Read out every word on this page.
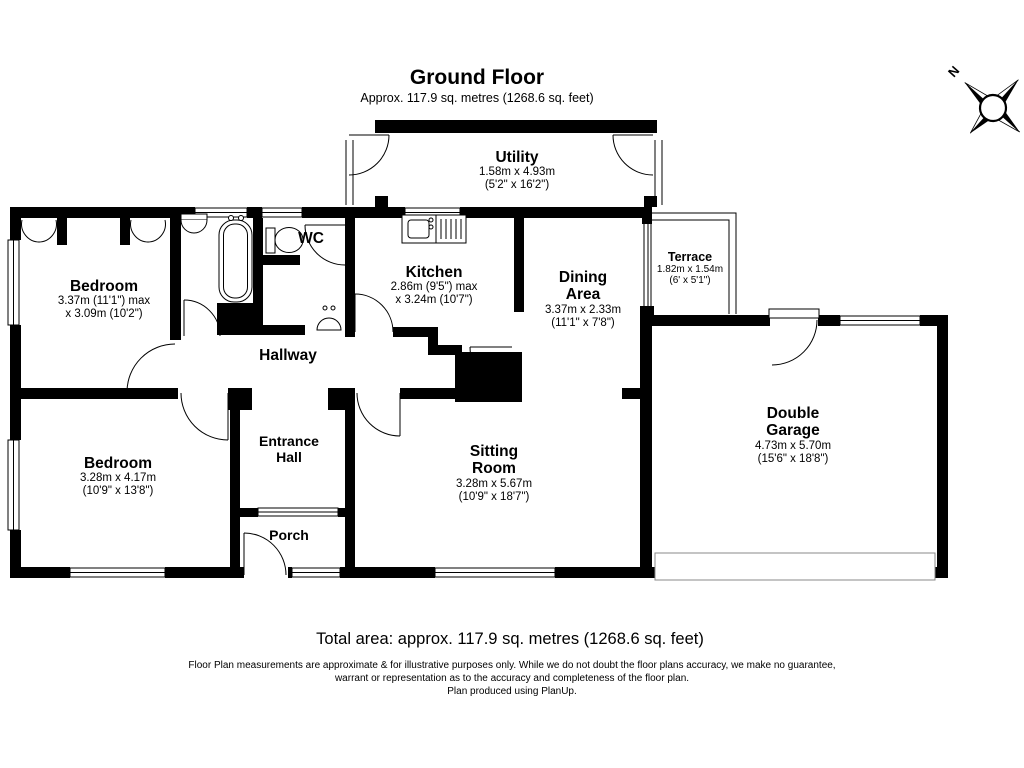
Ground Floor
Approx. 117.9 sq. metres (1268.6 sq. feet)
Utility
1.58m x 4.93m
(5'2" x 16'2")
Bedroom
3.37m (11'1") max
x 3.09m (10'2")
WC
Kitchen
2.86m (9'5") max
x 3.24m (10'7")
Dining Area
3.37m x 2.33m
(11'1" x 7'8")
Terrace
1.82m x 1.54m
(6' x 5'1")
Double Garage
4.73m x 5.70m
(15'6" x 18'8")
Hallway
Bedroom
3.28m x 4.17m
(10'9" x 13'8")
Entrance Hall
Porch
Sitting Room
3.28m x 5.67m
(10'9" x 18'7")
N
Total area: approx. 117.9 sq. metres (1268.6 sq. feet)
Floor Plan measurements are approximate & for illustrative purposes only. While we do not doubt the floor plans accuracy, we make no guarantee,
warrant or representation as to the accuracy and completeness of the floor plan.
Plan produced using PlanUp.
